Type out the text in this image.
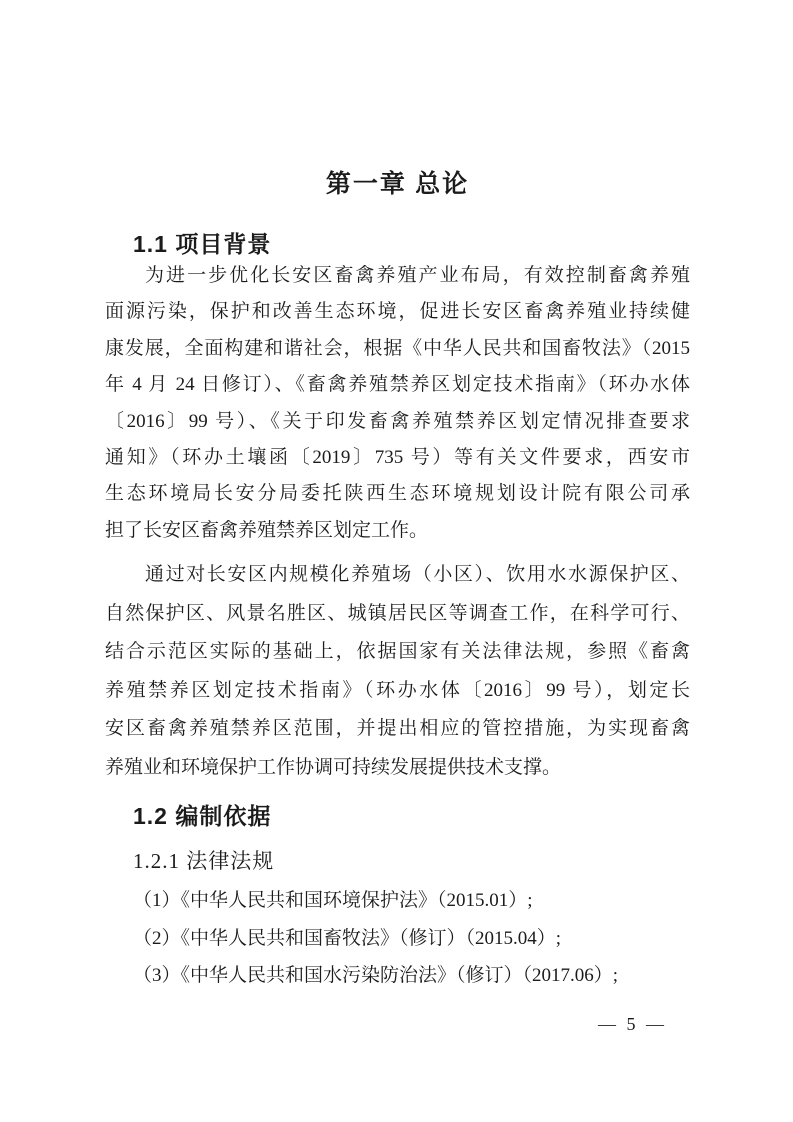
第一章 总论
1.1 项目背景
为进一步优化长安区畜禽养殖产业布局，有效控制畜禽养殖
面源污染，保护和改善生态环境，促进长安区畜禽养殖业持续健
康发展，全面构建和谐社会，根据《中华人民共和国畜牧法》（2015
年 4 月 24 日修订）、《畜禽养殖禁养区划定技术指南》（环办水体
〔2016〕99 号）、《关于印发畜禽养殖禁养区划定情况排查要求
通知》（环办土壤函〔2019〕735 号）等有关文件要求，西安市
生态环境局长安分局委托陕西生态环境规划设计院有限公司承
担了长安区畜禽养殖禁养区划定工作。
通过对长安区内规模化养殖场（小区）、饮用水水源保护区、
自然保护区、风景名胜区、城镇居民区等调查工作，在科学可行、
结合示范区实际的基础上，依据国家有关法律法规，参照《畜禽
养殖禁养区划定技术指南》（环办水体〔2016〕99 号），划定长
安区畜禽养殖禁养区范围，并提出相应的管控措施，为实现畜禽
养殖业和环境保护工作协调可持续发展提供技术支撑。
1.2 编制依据
1.2.1 法律法规
（1）《中华人民共和国环境保护法》（2015.01）;
（2）《中华人民共和国畜牧法》（修订）（2015.04）;
（3）《中华人民共和国水污染防治法》（修订）（2017.06）;
— 5 —
